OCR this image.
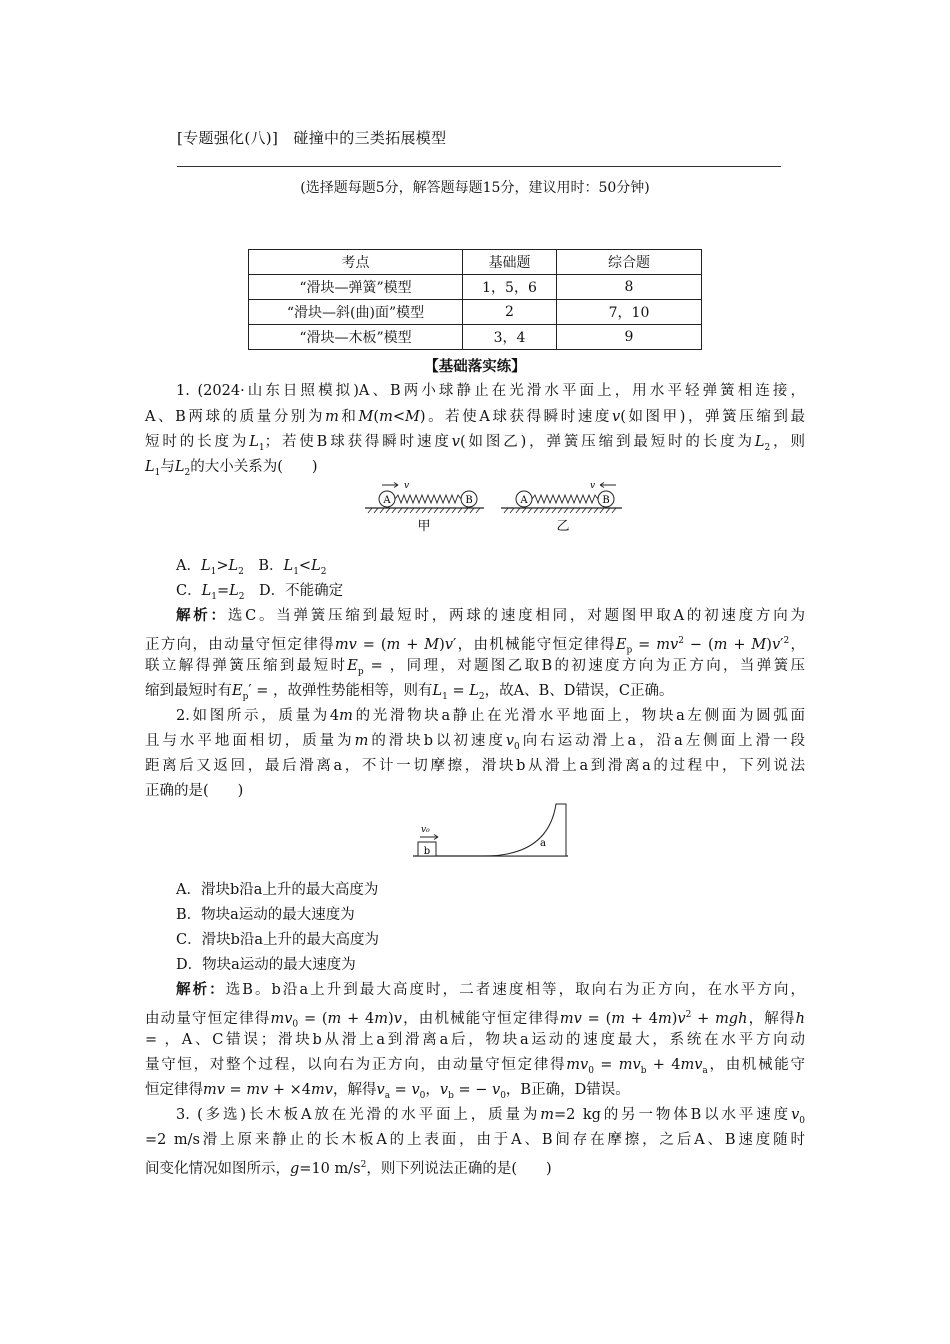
[专题强化(八)]　碰撞中的三类拓展模型
(选择题每题5分，解答题每题15分，建议用时：50分钟)
考点	基础题	综合题
“滑块—弹簧”模型	1，5，6	8
“滑块—斜(曲)面”模型	2	7，10
“滑块—木板”模型	3，4	9
【基础落实练】
1. (2024·山东日照模拟)A、B两小球静止在光滑水平面上，用水平轻弹簧相连接，
A、B两球的质量分别为m和M(m<M)。若使A球获得瞬时速度v(如图甲)，弹簧压缩到最
短时的长度为$L_1$；若使B球获得瞬时速度v(如图乙)，弹簧压缩到最短时的长度为$L_2$，则
$L_1$与$L_2$的大小关系为(　　)
A	B
v
甲
A	B
v
乙
A．$L_1>L_2$　B．$L_1<L_2$
C．$L_1=L_2$　D．不能确定
解析：选C。当弹簧压缩到最短时，两球的速度相同，对题图甲取A的初速度方向为
正方向，由动量守恒定律得mv = (m + M)v′，由机械能守恒定律得$E_p = mv^2 - (m + M)v'^2$，
联立解得弹簧压缩到最短时$E_p$ = ，同理，对题图乙取B的初速度方向为正方向，当弹簧压
缩到最短时有$E_p'$ = ，故弹性势能相等，则有$L_1 = L_2$，故A、B、D错误，C正确。
2.如图所示，质量为4m的光滑物块a静止在光滑水平地面上，物块a左侧面为圆弧面
且与水平地面相切，质量为m的滑块b以初速度$v_0$向右运动滑上a，沿a左侧面上滑一段
距离后又返回，最后滑离a，不计一切摩擦，滑块b从滑上a到滑离a的过程中，下列说法
正确的是(　　)
b
v₀
a
A．滑块b沿a上升的最大高度为
B．物块a运动的最大速度为
C．滑块b沿a上升的最大高度为
D．物块a运动的最大速度为
解析：选B。b沿a上升到最大高度时，二者速度相等，取向右为正方向，在水平方向，
由动量守恒定律得$mv_0 = (m + 4m)v$，由机械能守恒定律得mv = $(m + 4m)v^2$ + mgh，解得h
= ，A、C错误；滑块b从滑上a到滑离a后，物块a运动的速度最大，系统在水平方向动
量守恒，对整个过程，以向右为正方向，由动量守恒定律得$mv_0 = mv_b + 4mv_a$，由机械能守
恒定律得mv = mv + ×4mv，解得$v_a = v_0$，$v_b$ = − $v_0$，B正确，D错误。
3. (多选)长木板A放在光滑的水平面上，质量为m=2 kg的另一物体B以水平速度$v_0$
=2 m/s滑上原来静止的长木板A的上表面，由于A、B间存在摩擦，之后A、B速度随时
间变化情况如图所示，g=10 $m/s^2$，则下列说法正确的是(　　)
